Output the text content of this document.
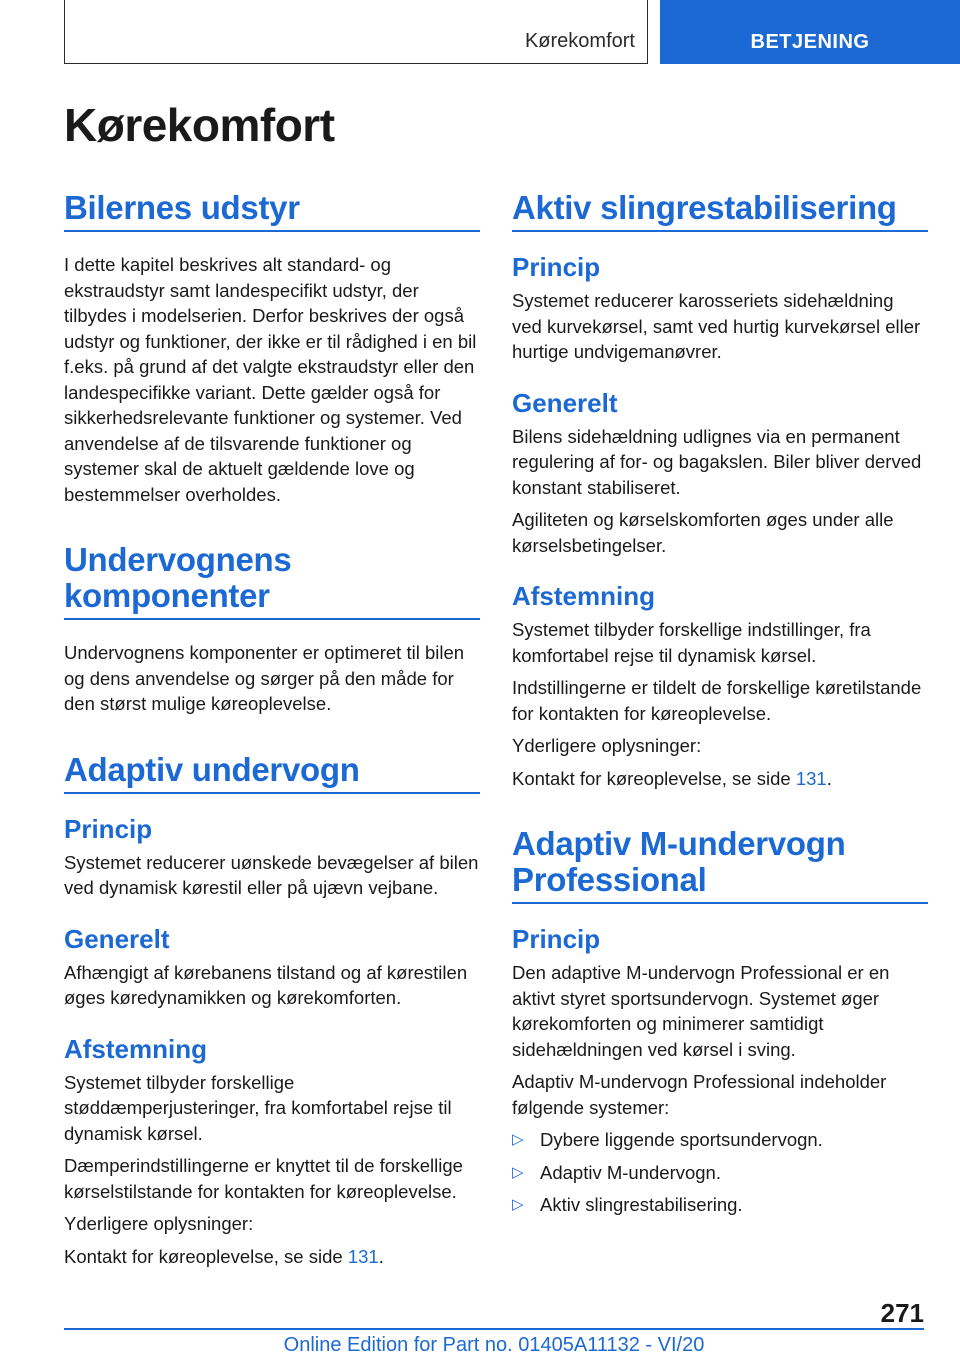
Kørekomfort	BETJENING
Kørekomfort
Bilernes udstyr

I dette kapitel beskrives alt standard- og ekstraudstyr samt landespecifikt udstyr, der tilbydes i modelserien. Derfor beskrives der også udstyr og funktioner, der ikke er til rådighed i en bil f.eks. på grund af det valgte ekstraudstyr eller den landespecifikke variant. Dette gælder også for sikkerhedsrelevante funktioner og systemer. Ved anvendelse af de tilsvarende funktioner og systemer skal de aktuelt gældende love og bestemmelser overholdes.

Undervognens komponenter

Undervognens komponenter er optimeret til bilen og dens anvendelse og sørger på den måde for den størst mulige køreoplevelse.

Adaptiv undervogn
Princip

Systemet reducerer uønskede bevægelser af bilen ved dynamisk kørestil eller på ujævn vejbane.

Generelt

Afhængigt af kørebanens tilstand og af kørestilen øges køredynamikken og kørekomforten.

Afstemning

Systemet tilbyder forskellige støddæmperjusteringer, fra komfortabel rejse til dynamisk kørsel.

Dæmperindstillingerne er knyttet til de forskellige kørselstilstande for kontakten for køreoplevelse.

Yderligere oplysninger:

Kontakt for køreoplevelse, se side 131.

Aktiv slingrestabilisering
Princip

Systemet reducerer karosseriets sidehældning ved kurvekørsel, samt ved hurtig kurvekørsel eller hurtige undvigemanøvrer.

Generelt

Bilens sidehældning udlignes via en permanent regulering af for- og bagakslen. Biler bliver derved konstant stabiliseret.

Agiliteten og kørselskomforten øges under alle kørselsbetingelser.

Afstemning

Systemet tilbyder forskellige indstillinger, fra komfortabel rejse til dynamisk kørsel.

Indstillingerne er tildelt de forskellige køretilstande for kontakten for køreoplevelse.

Yderligere oplysninger:

Kontakt for køreoplevelse, se side 131.

Adaptiv M-undervogn Professional
Princip

Den adaptive M-undervogn Professional er en aktivt styret sportsundervogn. Systemet øger kørekomforten og minimerer samtidigt sidehældningen ved kørsel i sving.

Adaptiv M-undervogn Professional indeholder følgende systemer:

▷ Dybere liggende sportsundervogn.
▷ Adaptiv M-undervogn.
▷ Aktiv slingrestabilisering.
271
Online Edition for Part no. 01405A11132 - VI/20
